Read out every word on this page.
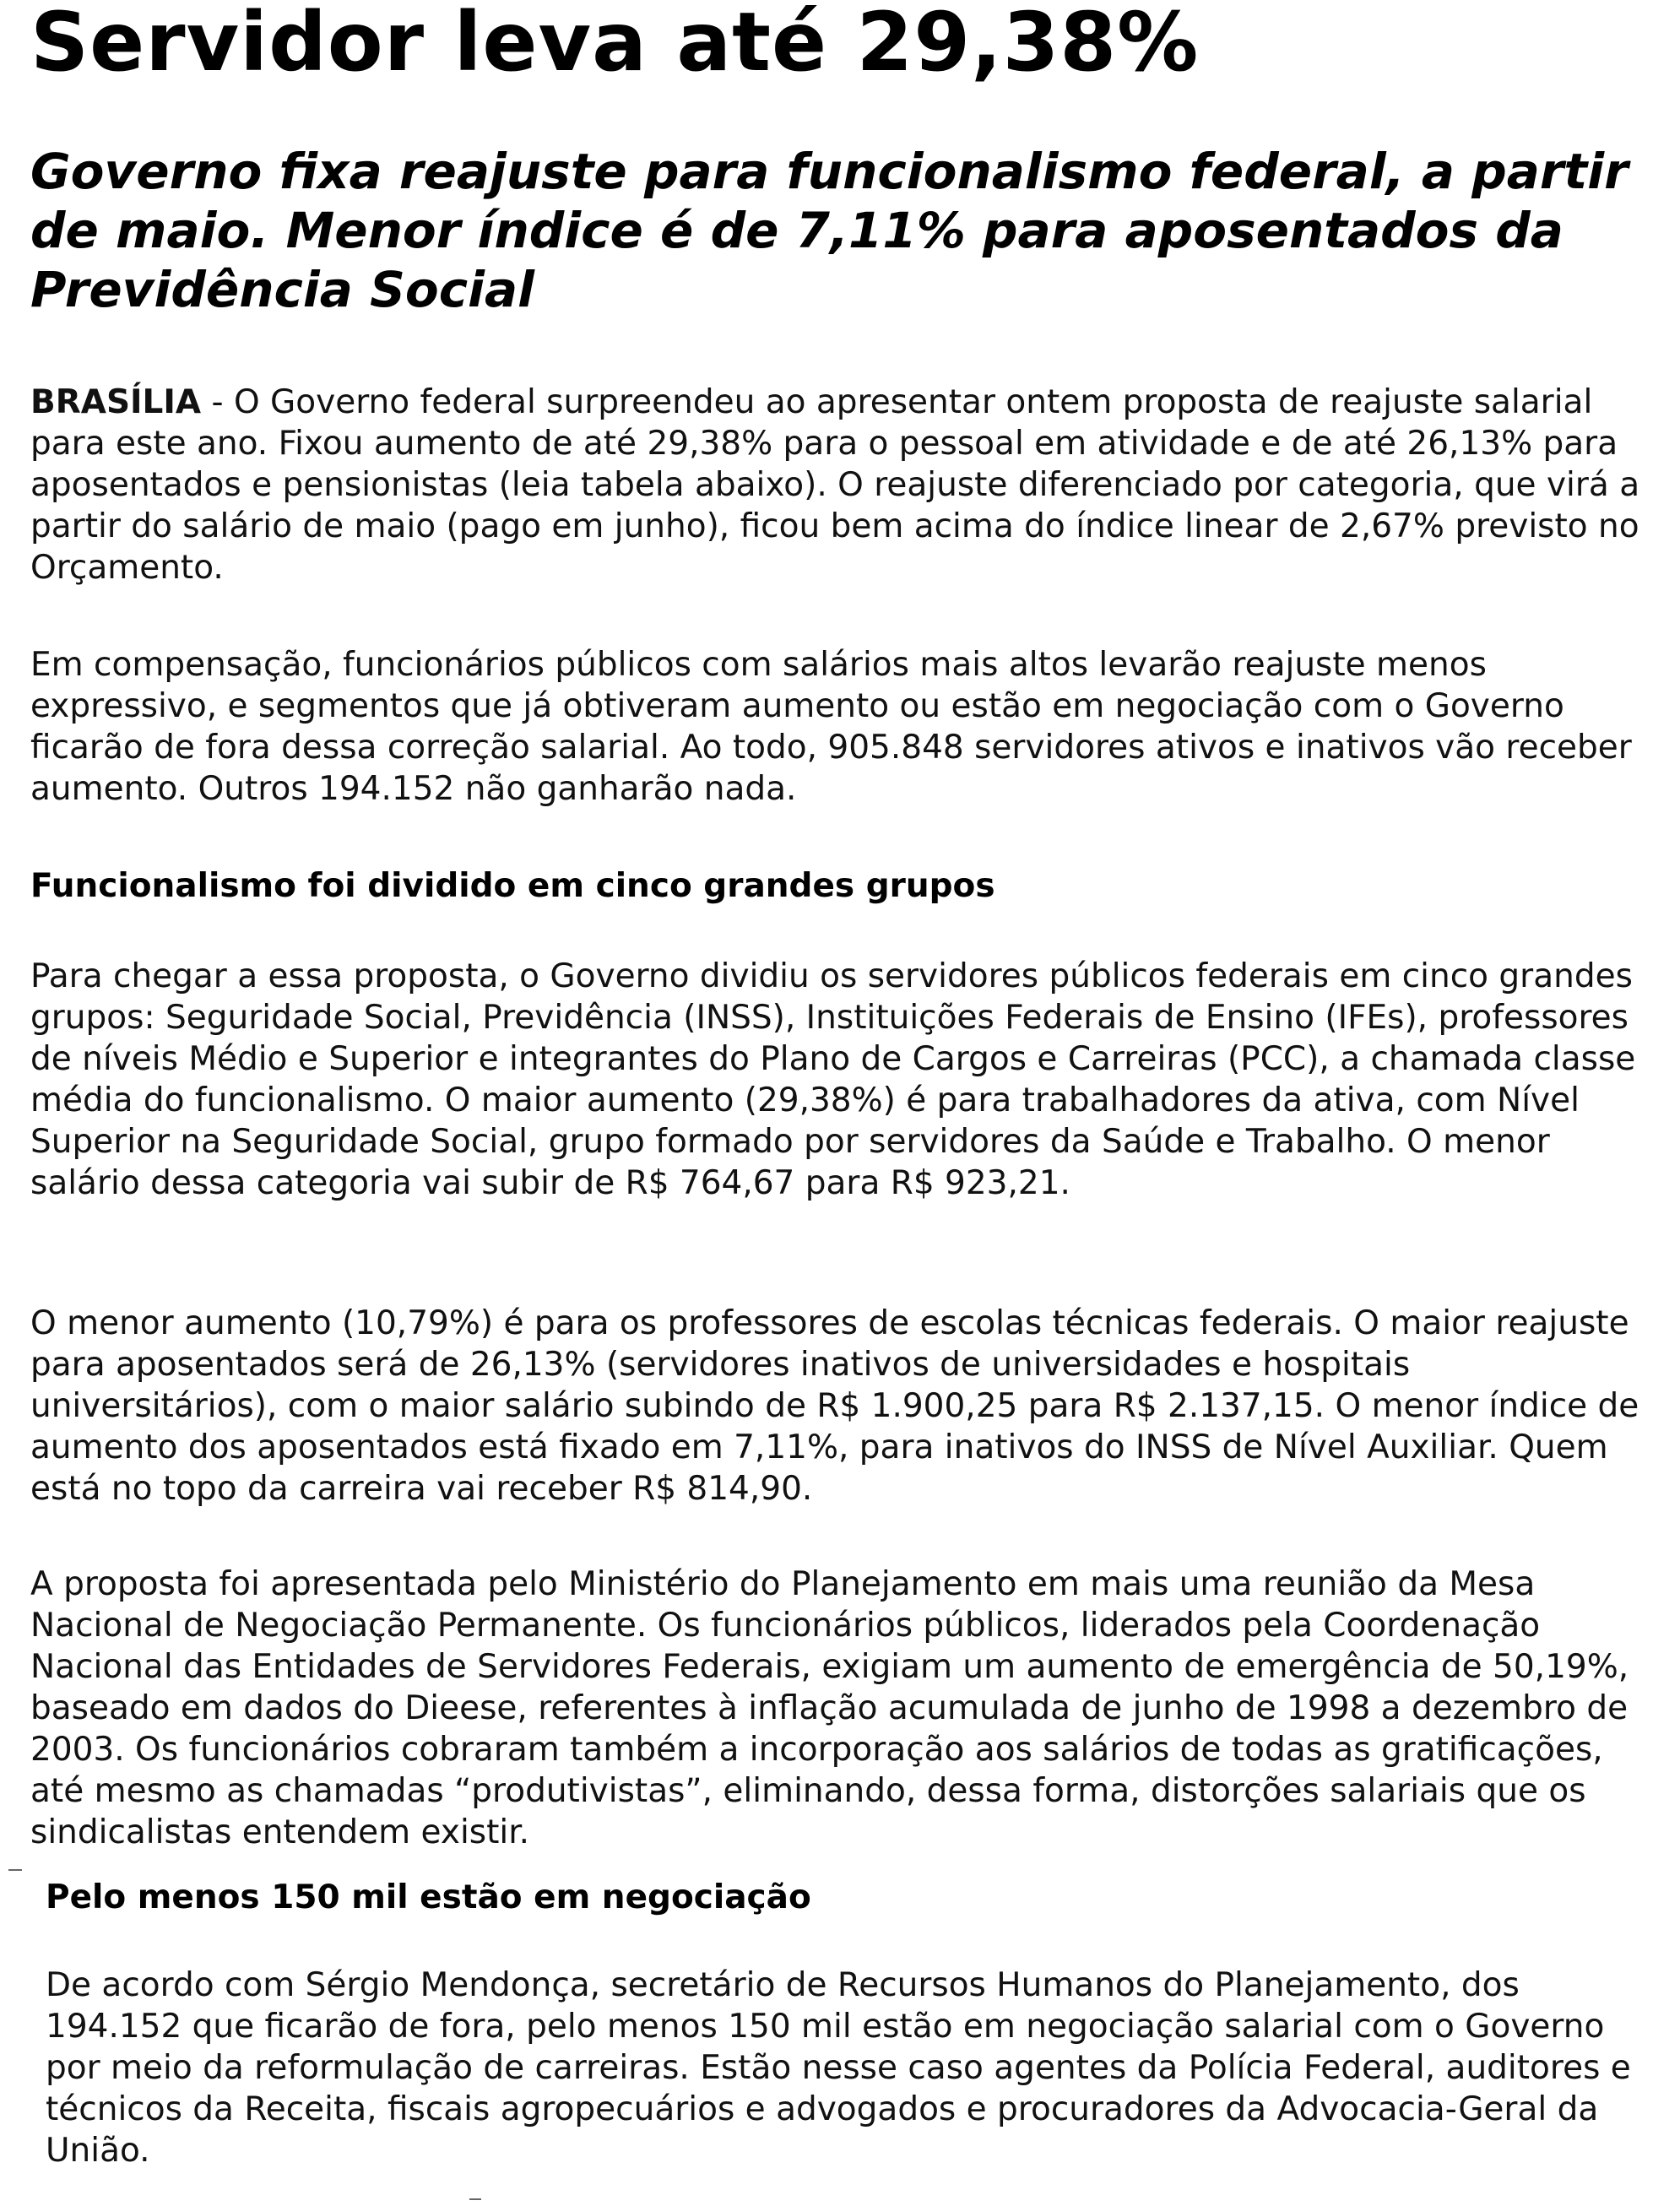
Servidor leva até 29,38%
Governo fixa reajuste para funcionalismo federal, a partir de maio. Menor índice é de 7,11% para aposentados da Previdência Social

BRASÍLIA - O Governo federal surpreendeu ao apresentar ontem proposta de reajuste salarial para este ano. Fixou aumento de até 29,38% para o pessoal em atividade e de até 26,13% para aposentados e pensionistas (leia tabela abaixo). O reajuste diferenciado por categoria, que virá a partir do salário de maio (pago em junho), ficou bem acima do índice linear de 2,67% previsto no Orçamento.

Em compensação, funcionários públicos com salários mais altos levarão reajuste menos expressivo, e segmentos que já obtiveram aumento ou estão em negociação com o Governo ficarão de fora dessa correção salarial. Ao todo, 905.848 servidores ativos e inativos vão receber aumento. Outros 194.152 não ganharão nada.

Funcionalismo foi dividido em cinco grandes grupos

Para chegar a essa proposta, o Governo dividiu os servidores públicos federais em cinco grandes grupos: Seguridade Social, Previdência (INSS), Instituições Federais de Ensino (IFEs), professores de níveis Médio e Superior e integrantes do Plano de Cargos e Carreiras (PCC), a chamada classe média do funcionalismo. O maior aumento (29,38%) é para trabalhadores da ativa, com Nível Superior na Seguridade Social, grupo formado por servidores da Saúde e Trabalho. O menor salário dessa categoria vai subir de R$ 764,67 para R$ 923,21.

O menor aumento (10,79%) é para os professores de escolas técnicas federais. O maior reajuste para aposentados será de 26,13% (servidores inativos de universidades e hospitais universitários), com o maior salário subindo de R$ 1.900,25 para R$ 2.137,15. O menor índice de aumento dos aposentados está fixado em 7,11%, para inativos do INSS de Nível Auxiliar. Quem está no topo da carreira vai receber R$ 814,90.

A proposta foi apresentada pelo Ministério do Planejamento em mais uma reunião da Mesa Nacional de Negociação Permanente. Os funcionários públicos, liderados pela Coordenação Nacional das Entidades de Servidores Federais, exigiam um aumento de emergência de 50,19%, baseado em dados do Dieese, referentes à inflação acumulada de junho de 1998 a dezembro de 2003. Os funcionários cobraram também a incorporação aos salários de todas as gratificações, até mesmo as chamadas “produtivistas”, eliminando, dessa forma, distorções salariais que os sindicalistas entendem existir.

Pelo menos 150 mil estão em negociação

De acordo com Sérgio Mendonça, secretário de Recursos Humanos do Planejamento, dos 194.152 que ficarão de fora, pelo menos 150 mil estão em negociação salarial com o Governo por meio da reformulação de carreiras. Estão nesse caso agentes da Polícia Federal, auditores e técnicos da Receita, fiscais agropecuários e advogados e procuradores da Advocacia-Geral da União.
